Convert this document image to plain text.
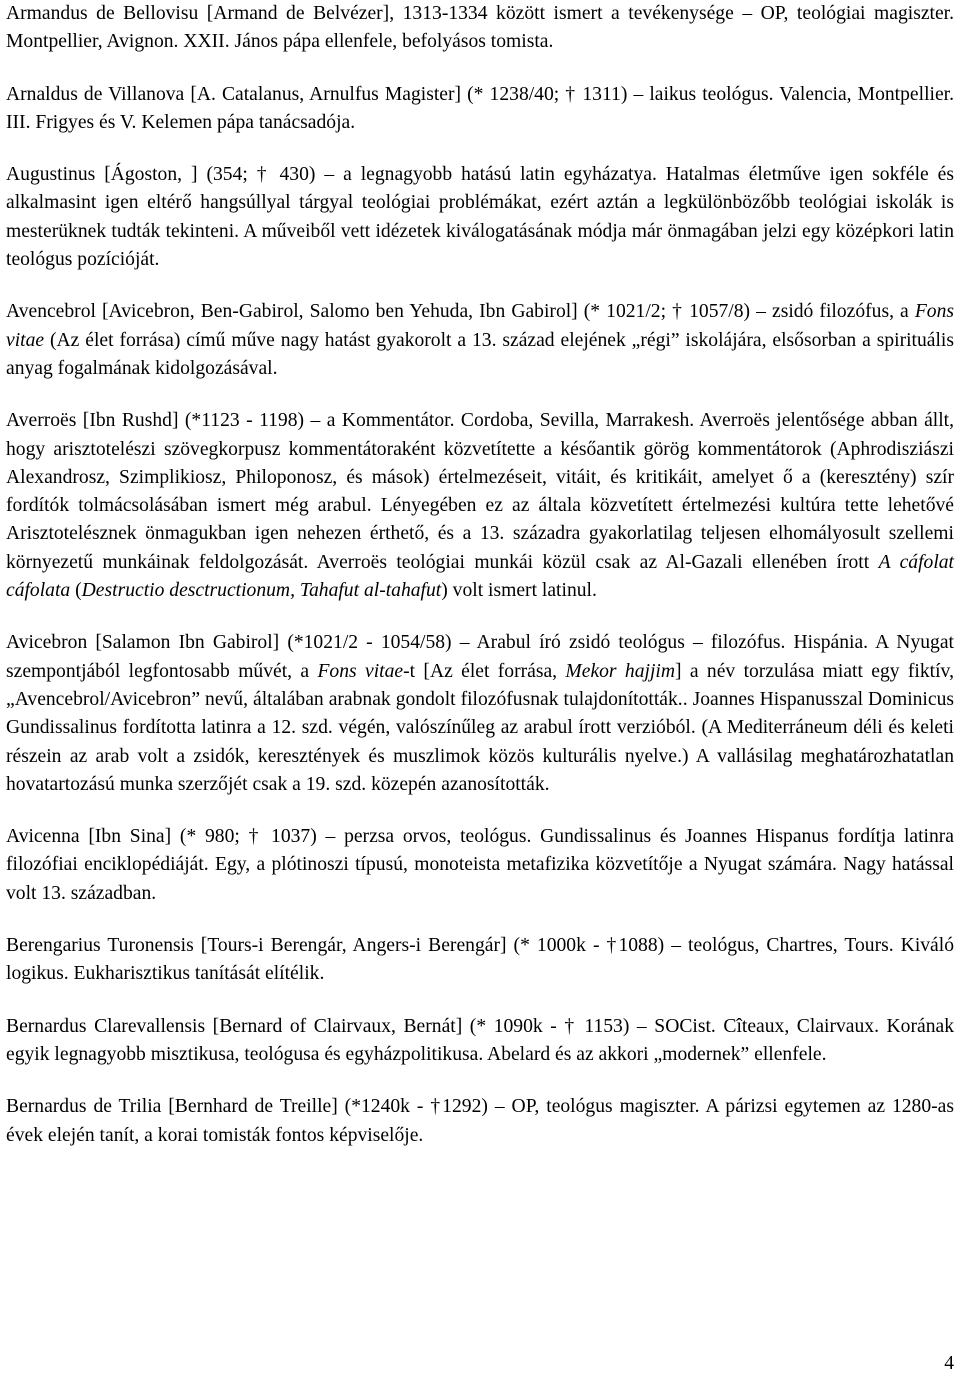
Armandus de Bellovisu [Armand de Belvézer], 1313-1334 között ismert a tevékenysége – OP, teológiai magiszter. Montpellier, Avignon. XXII. János pápa ellenfele, befolyásos tomista.

Arnaldus de Villanova [A. Catalanus, Arnulfus Magister] (* 1238/40; † 1311) – laikus teológus. Valencia, Montpellier. III. Frigyes és V. Kelemen pápa tanácsadója.

Augustinus [Ágoston, ] (354; † 430) – a legnagyobb hatású latin egyházatya. Hatalmas életműve igen sokféle és alkalmasint igen eltérő hangsúllyal tárgyal teológiai problémákat, ezért aztán a legkülönbözőbb teológiai iskolák is mesterüknek tudták tekinteni. A műveiből vett idézetek kiválogatásának módja már önmagában jelzi egy középkori latin teológus pozícióját.

Avencebrol [Avicebron, Ben-Gabirol, Salomo ben Yehuda, Ibn Gabirol] (* 1021/2; † 1057/8) – zsidó filozófus, a Fons vitae (Az élet forrása) című műve nagy hatást gyakorolt a 13. század elejének „régi” iskolájára, elsősorban a spirituális anyag fogalmának kidolgozásával.

Averroës [Ibn Rushd] (*1123 - 1198) – a Kommentátor. Cordoba, Sevilla, Marrakesh. Averroës jelentősége abban állt, hogy arisztotelészi szövegkorpusz kommentátoraként közvetítette a későantik görög kommentátorok (Aphrodisziászi Alexandrosz, Szimplikiosz, Philoponosz, és mások) értelmezéseit, vitáit, és kritikáit, amelyet ő a (keresztény) szír fordítók tolmácsolásában ismert még arabul. Lényegében ez az általa közvetített értelmezési kultúra tette lehetővé Arisztotelésznek önmagukban igen nehezen érthető, és a 13. századra gyakorlatilag teljesen elhomályosult szellemi környezetű munkáinak feldolgozását. Averroës teológiai munkái közül csak az Al-Gazali ellenében írott A cáfolat cáfolata (Destructio desctructionum, Tahafut al-tahafut) volt ismert latinul.

Avicebron [Salamon Ibn Gabirol] (*1021/2 - 1054/58) – Arabul író zsidó teológus – filozófus. Hispánia. A Nyugat szempontjából legfontosabb művét, a Fons vitae-t [Az élet forrása, Mekor hajjim] a név torzulása miatt egy fiktív, „Avencebrol/Avicebron” nevű, általában arabnak gondolt filozófusnak tulajdonították.. Joannes Hispanusszal Dominicus Gundissalinus fordította latinra a 12. szd. végén, valószínűleg az arabul írott verzióból. (A Mediterráneum déli és keleti részein az arab volt a zsidók, keresztények és muszlimok közös kulturális nyelve.) A vallásilag meghatározhatatlan hovatartozású munka szerzőjét csak a 19. szd. közepén azanosították.

Avicenna [Ibn Sina] (* 980; † 1037) – perzsa orvos, teológus. Gundissalinus és Joannes Hispanus fordítja latinra filozófiai enciklopédiáját. Egy, a plótinoszi típusú, monoteista metafizika közvetítője a Nyugat számára. Nagy hatással volt 13. században.

Berengarius Turonensis [Tours-i Berengár, Angers-i Berengár] (* 1000k - †1088) – teológus, Chartres, Tours. Kiváló logikus. Eukharisztikus tanítását elítélik.

Bernardus Clarevallensis [Bernard of Clairvaux, Bernát] (* 1090k - † 1153) – SOCist. Cîteaux, Clairvaux. Korának egyik legnagyobb misztikusa, teológusa és egyházpolitikusa. Abelard és az akkori „modernek” ellenfele.

Bernardus de Trilia [Bernhard de Treille] (*1240k - †1292) – OP, teológus magiszter. A párizsi egytemen az 1280-as évek elején tanít, a korai tomisták fontos képviselője.

4
